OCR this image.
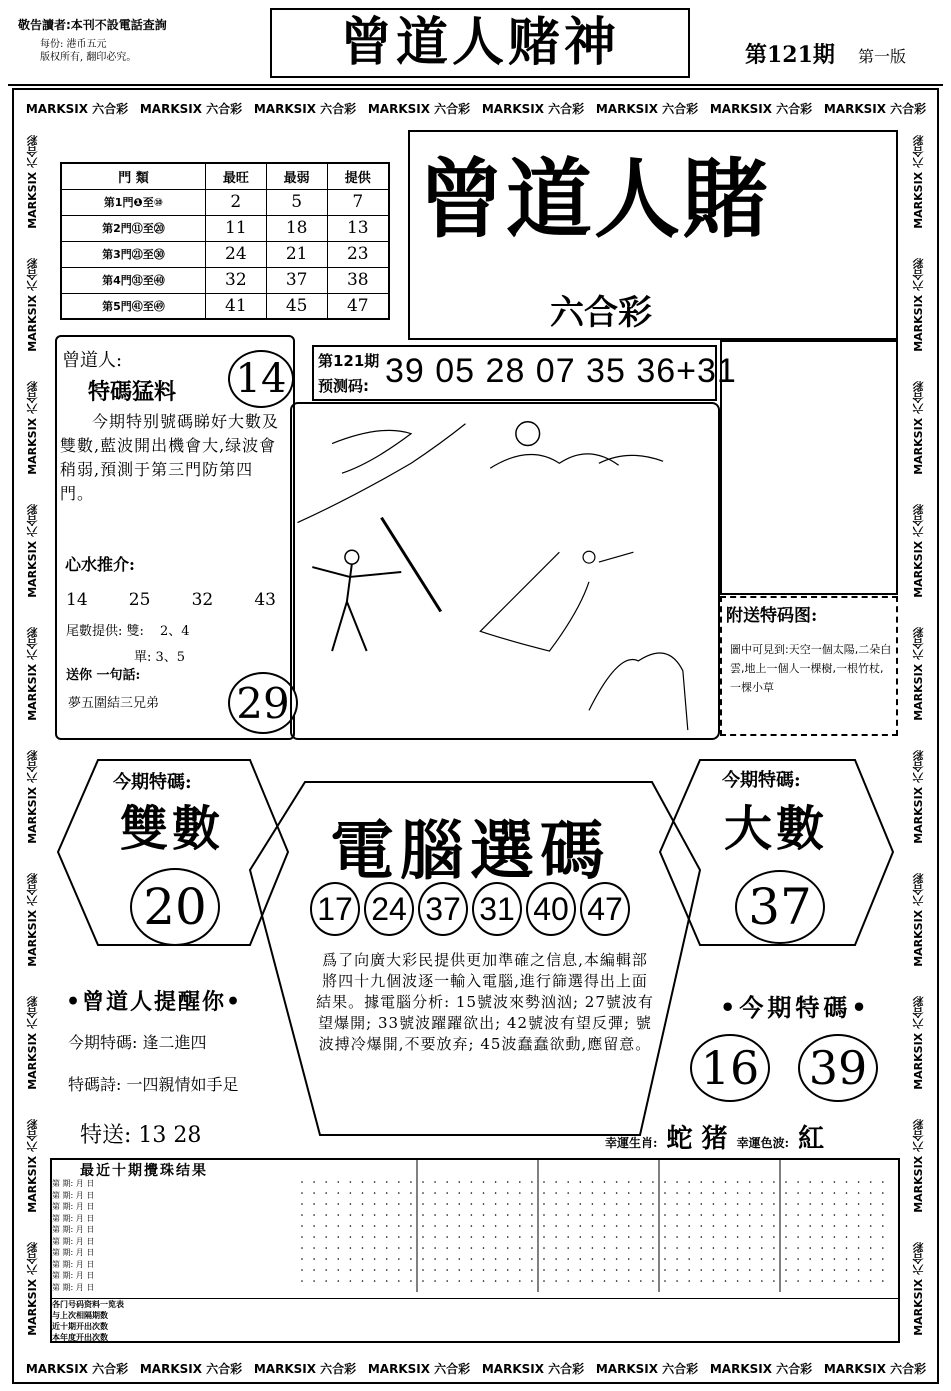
敬告讀者:本刊不設電話查詢
每份: 港币五元
版权所有, 翻印必究。	曾道人赌神	第121期 第一版
MARKSIX 六合彩 MARKSIX 六合彩 MARKSIX 六合彩 MARKSIX 六合彩 MARKSIX 六合彩 MARKSIX 六合彩 MARKSIX 六合彩 MARKSIX 六合彩
MARKSIX 六合彩 MARKSIX 六合彩 MARKSIX 六合彩 MARKSIX 六合彩 MARKSIX 六合彩 MARKSIX 六合彩 MARKSIX 六合彩 MARKSIX 六合彩
MARKSIX 六合彩
MARKSIX 六合彩
MARKSIX 六合彩
MARKSIX 六合彩
MARKSIX 六合彩
MARKSIX 六合彩
MARKSIX 六合彩
MARKSIX 六合彩
MARKSIX 六合彩
MARKSIX 六合彩
MARKSIX 六合彩
MARKSIX 六合彩
MARKSIX 六合彩
MARKSIX 六合彩
MARKSIX 六合彩
MARKSIX 六合彩
MARKSIX 六合彩
MARKSIX 六合彩
MARKSIX 六合彩
MARKSIX 六合彩
門 類	最旺	最弱	提供
第1門❶至⑩	2	5	7
第2門⑪至⑳	11	18	13
第3門㉑至㉚	24	21	23
第4門㉛至㊵	32	37	38
第5門㊶至㊾	41	45	47
曾道人賭
六合彩
曾道人:
特碼猛料
今期特别號碼睇好大數及雙數,藍波開出機會大,绿波會稍弱,預測于第三門防第四門。
心水推介:
14 25 32 43
尾數提供: 雙: 2、4
單: 3、5
送你 一句話:
夢五圍結三兄弟
14
29
第121期
预测码: 39 05 28 07 35 36+31
附送特码图:
圖中可見到:天空一個太陽,二朵白雲,地上一個人一棵樹,一根竹杖,一棵小草
今期特碼:
雙數
20
今期特碼:
大數
37
電腦選碼
17 24 37 31 40 47
爲了向廣大彩民提供更加準確之信息,本編輯部將四十九個波逐一輸入電腦,進行篩選得出上面結果。據電腦分析: 15號波來勢汹汹; 27號波有望爆開; 33號波躍躍欲出; 42號波有望反彈; 號波搏冷爆開,不要放弃; 45波蠢蠢欲動,應留意。
•曾道人提醒你•
今期特碼: 逢二進四
特碼詩: 一四親情如手足
特送: 13 28
•今期特碼•
16 39
幸運生肖: 蛇 猪 幸運色波: 紅
最近十期攪珠结果
第 期: 月 日
第 期: 月 日
第 期: 月 日
第 期: 月 日
第 期: 月 日
第 期: 月 日
第 期: 月 日
第 期: 月 日
第 期: 月 日
第 期: 月 日
各门号码资料一览表
与上次相隔期数
近十期开出次数
本年度开出次数
